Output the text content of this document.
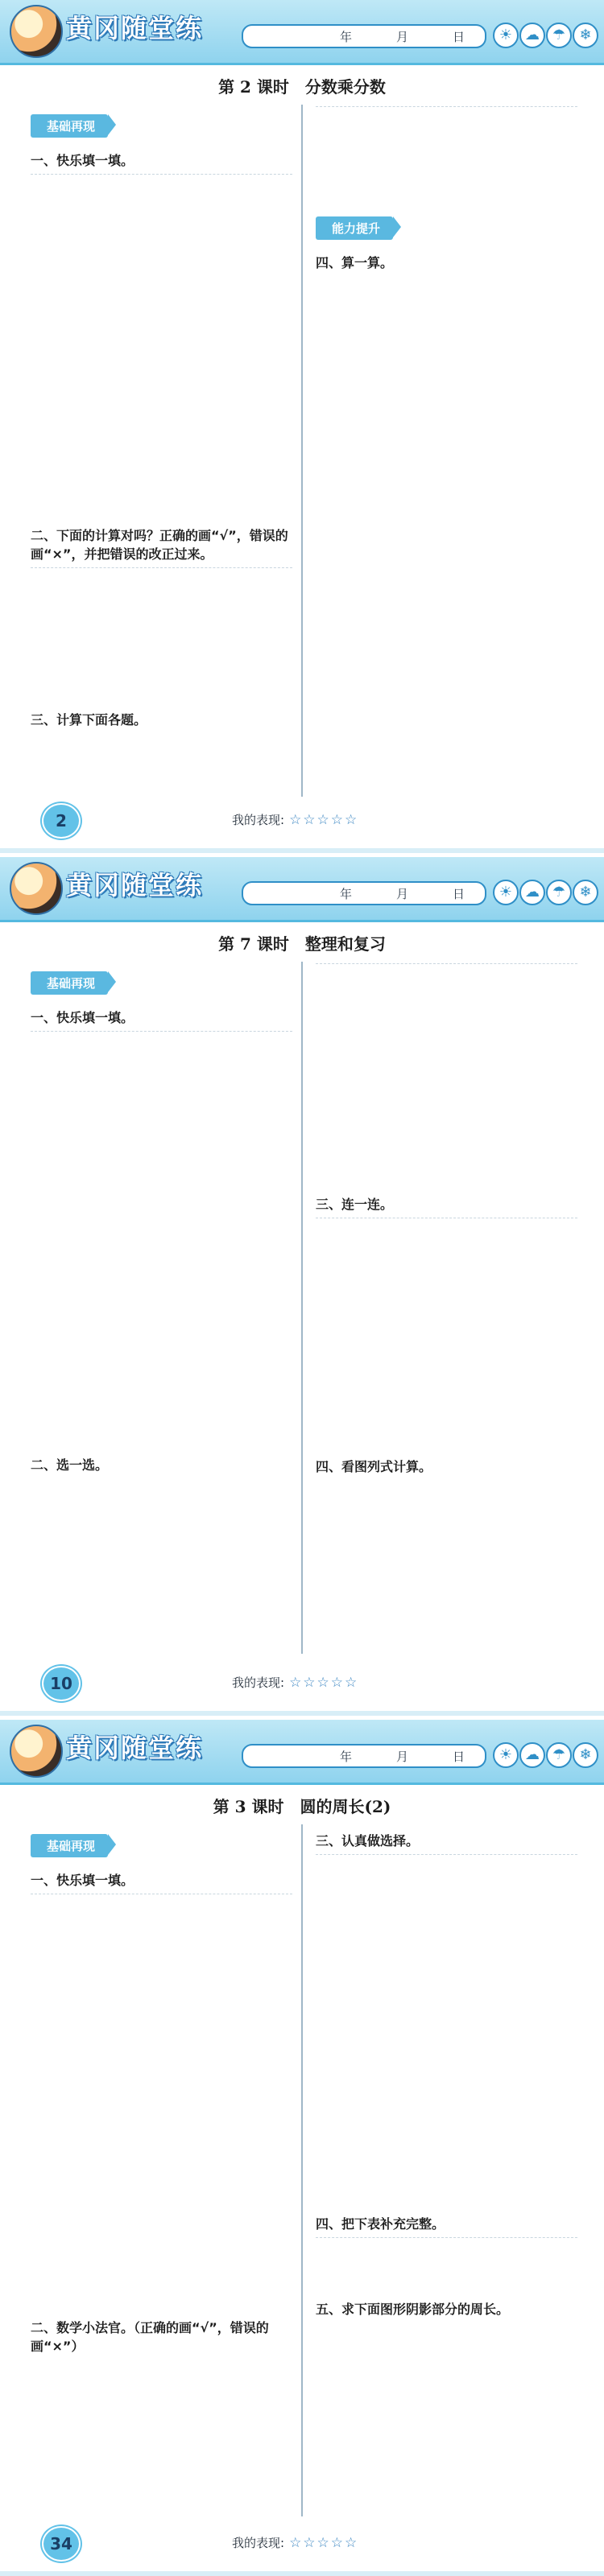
黄冈随堂练	年	月	日	☀ ☁ ☂ ❄
第 2 课时　分数乘分数
基础再现
一、快乐填一填。
二、下面的计算对吗？正确的画“√”，错误的画“×”，并把错误的改正过来。
三、计算下面各题。
能力提升
四、算一算。
2	我的表现: ☆☆☆☆☆
黄冈随堂练	年	月	日	☀ ☁ ☂ ❄
第 7 课时　整理和复习
基础再现
一、快乐填一填。
二、选一选。
三、连一连。
四、看图列式计算。
10	我的表现: ☆☆☆☆☆
黄冈随堂练	年	月	日	☀ ☁ ☂ ❄
第 3 课时　圆的周长(2)
基础再现
一、快乐填一填。
二、数学小法官。（正确的画“√”，错误的画“×”）
三、认真做选择。
四、把下表补充完整。
五、求下面图形阴影部分的周长。
34	我的表现: ☆☆☆☆☆
